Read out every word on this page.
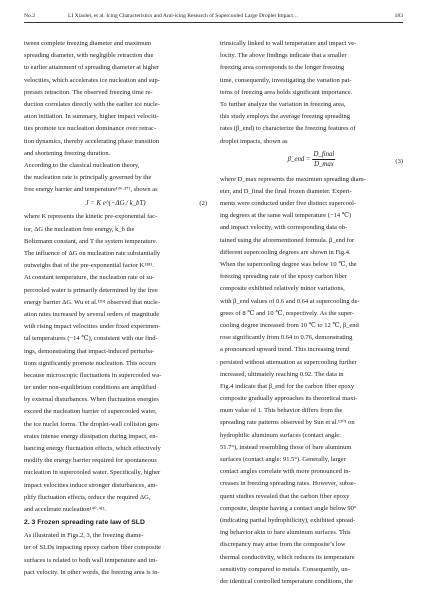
No.2	LI Xiaolei, et al. Icing Characteristics and Anti-icing Research of Supercooled Large Droplet Impact…	183
tween complete freezing diameter and maximum
spreading diameter, with negligible retraction due
to earlier attainment of spreading diameter at higher
velocities, which accelerates ice nucleation and sup-
presses retraction. The observed freezing time re-
duction correlates directly with the earlier ice nucle-
ation initiation. In summary, higher impact velociti-
ties promote ice nucleation dominance over retrac-
tion dynamics, thereby accelerating phase transition
and shortening freezing duration.
According to the classical nucleation theory,
the nucleation rate is principally governed by the
free energy barrier and temperature¹³⁶·³⁷¹, shown as
J = K e^(−ΔG / k_bT)	(2)
where K represents the kinetic pre-exponential fac-
tor, ΔG the nucleation free energy, k_b the
Boltzmann constant, and T the system temperature.
The influence of ΔG on nucleation rate substantially
outweighs that of the pre-exponential factor K¹³⁸¹.
At constant temperature, the nucleation rate of su-
percooled water is primarily determined by the free
energy barrier ΔG. Wu et al.¹³⁹¹ observed that nucle-
ation rates increased by several orders of magnitude
with rising impact velocities under fixed experimen-
tal temperatures (−14 ℃), consistent with our find-
ings, demonstrating that impact-induced perturba-
tions significantly promote nucleation. This occurs
because microscopic fluctuations in supercooled wa-
ter under non-equilibrium conditions are amplified
by external disturbances. When fluctuation energies
exceed the nucleation barrier of supercooled water,
the ice nuclei forms. The droplet-wall collision gen-
erates intense energy dissipation during impact, en-
hancing energy fluctuation effects, which effectively
modify the energy barrier required for spontaneous
nucleation in supercooled water. Specifically, higher
impact velocities induce stronger disturbances, am-
plify fluctuation effects, reduce the required ΔG,
and accelerate nucleation¹⁴⁰·⁴¹¹.
2. 3 Frozen spreading rate law of SLD
As illustrated in Figs.2, 3, the freezing diame-
ter of SLDs impacting epoxy carbon fiber composite
surfaces is related to both wall temperature and im-
pact velocity. In other words, the freezing area is in-
trinsically linked to wall temperature and impact ve-
locity. The above findings indicate that a smaller
freezing area corresponds to the longer freezing
time, consequently, investigating the variation pat-
terns of freezing area holds significant importance.
To further analyze the variation in freezing area,
this study employs the average freezing spreading
rates (β_end) to characterize the freezing features of
droplet impacts, shown as
β_end =
D_final
D_max	(3)
where D_max represents the maximum spreading diam-
eter, and D_final the final frozen diameter. Experi-
ments were conducted under five distinct supercool-
ing degrees at the same wall temperature (−14 ℃)
and impact velocity, with corresponding data ob-
tained using the aforementioned formula. β_end for
different supercooling degrees are shown in Fig.4.
When the supercooling degree was below 10 ℃, the
freezing spreading rate of the epoxy carbon fiber
composite exhibited relatively minor variations,
with β_end values of 0.6 and 0.64 at supercooling de-
grees of 8 ℃ and 10 ℃, respectively. As the super-
cooling degree increased from 10 ℃ to 12 ℃, β_end
rose significantly from 0.64 to 0.76, demonstrating
a pronounced upward trend. This increasing trend
persisted without attenuation as supercooling further
increased, ultimately reaching 0.92. The data in
Fig.4 indicate that β_end for the carbon fiber epoxy
composite gradually approaches its theoretical maxi-
mum value of 1. This behavior differs from the
spreading rate patterns observed by Sun et al.¹³⁰¹ on
hydrophilic aluminum surfaces (contact angle:
51.7°), instead resembling those of bare aluminum
surfaces (contact angle: 91.5°). Generally, larger
contact angles correlate with more pronounced in-
creases in freezing spreading rates. However, subse-
quent studies revealed that the carbon fiber epoxy
composite, despite having a contact angle below 90°
(indicating partial hydrophilicity), exhibited spread-
ing behavior akin to bare aluminum surfaces. This
discrepancy may arise from the composite’s low
thermal conductivity, which reduces its temperature
sensitivity compared to metals. Consequently, un-
der identical controlled temperature conditions, the
